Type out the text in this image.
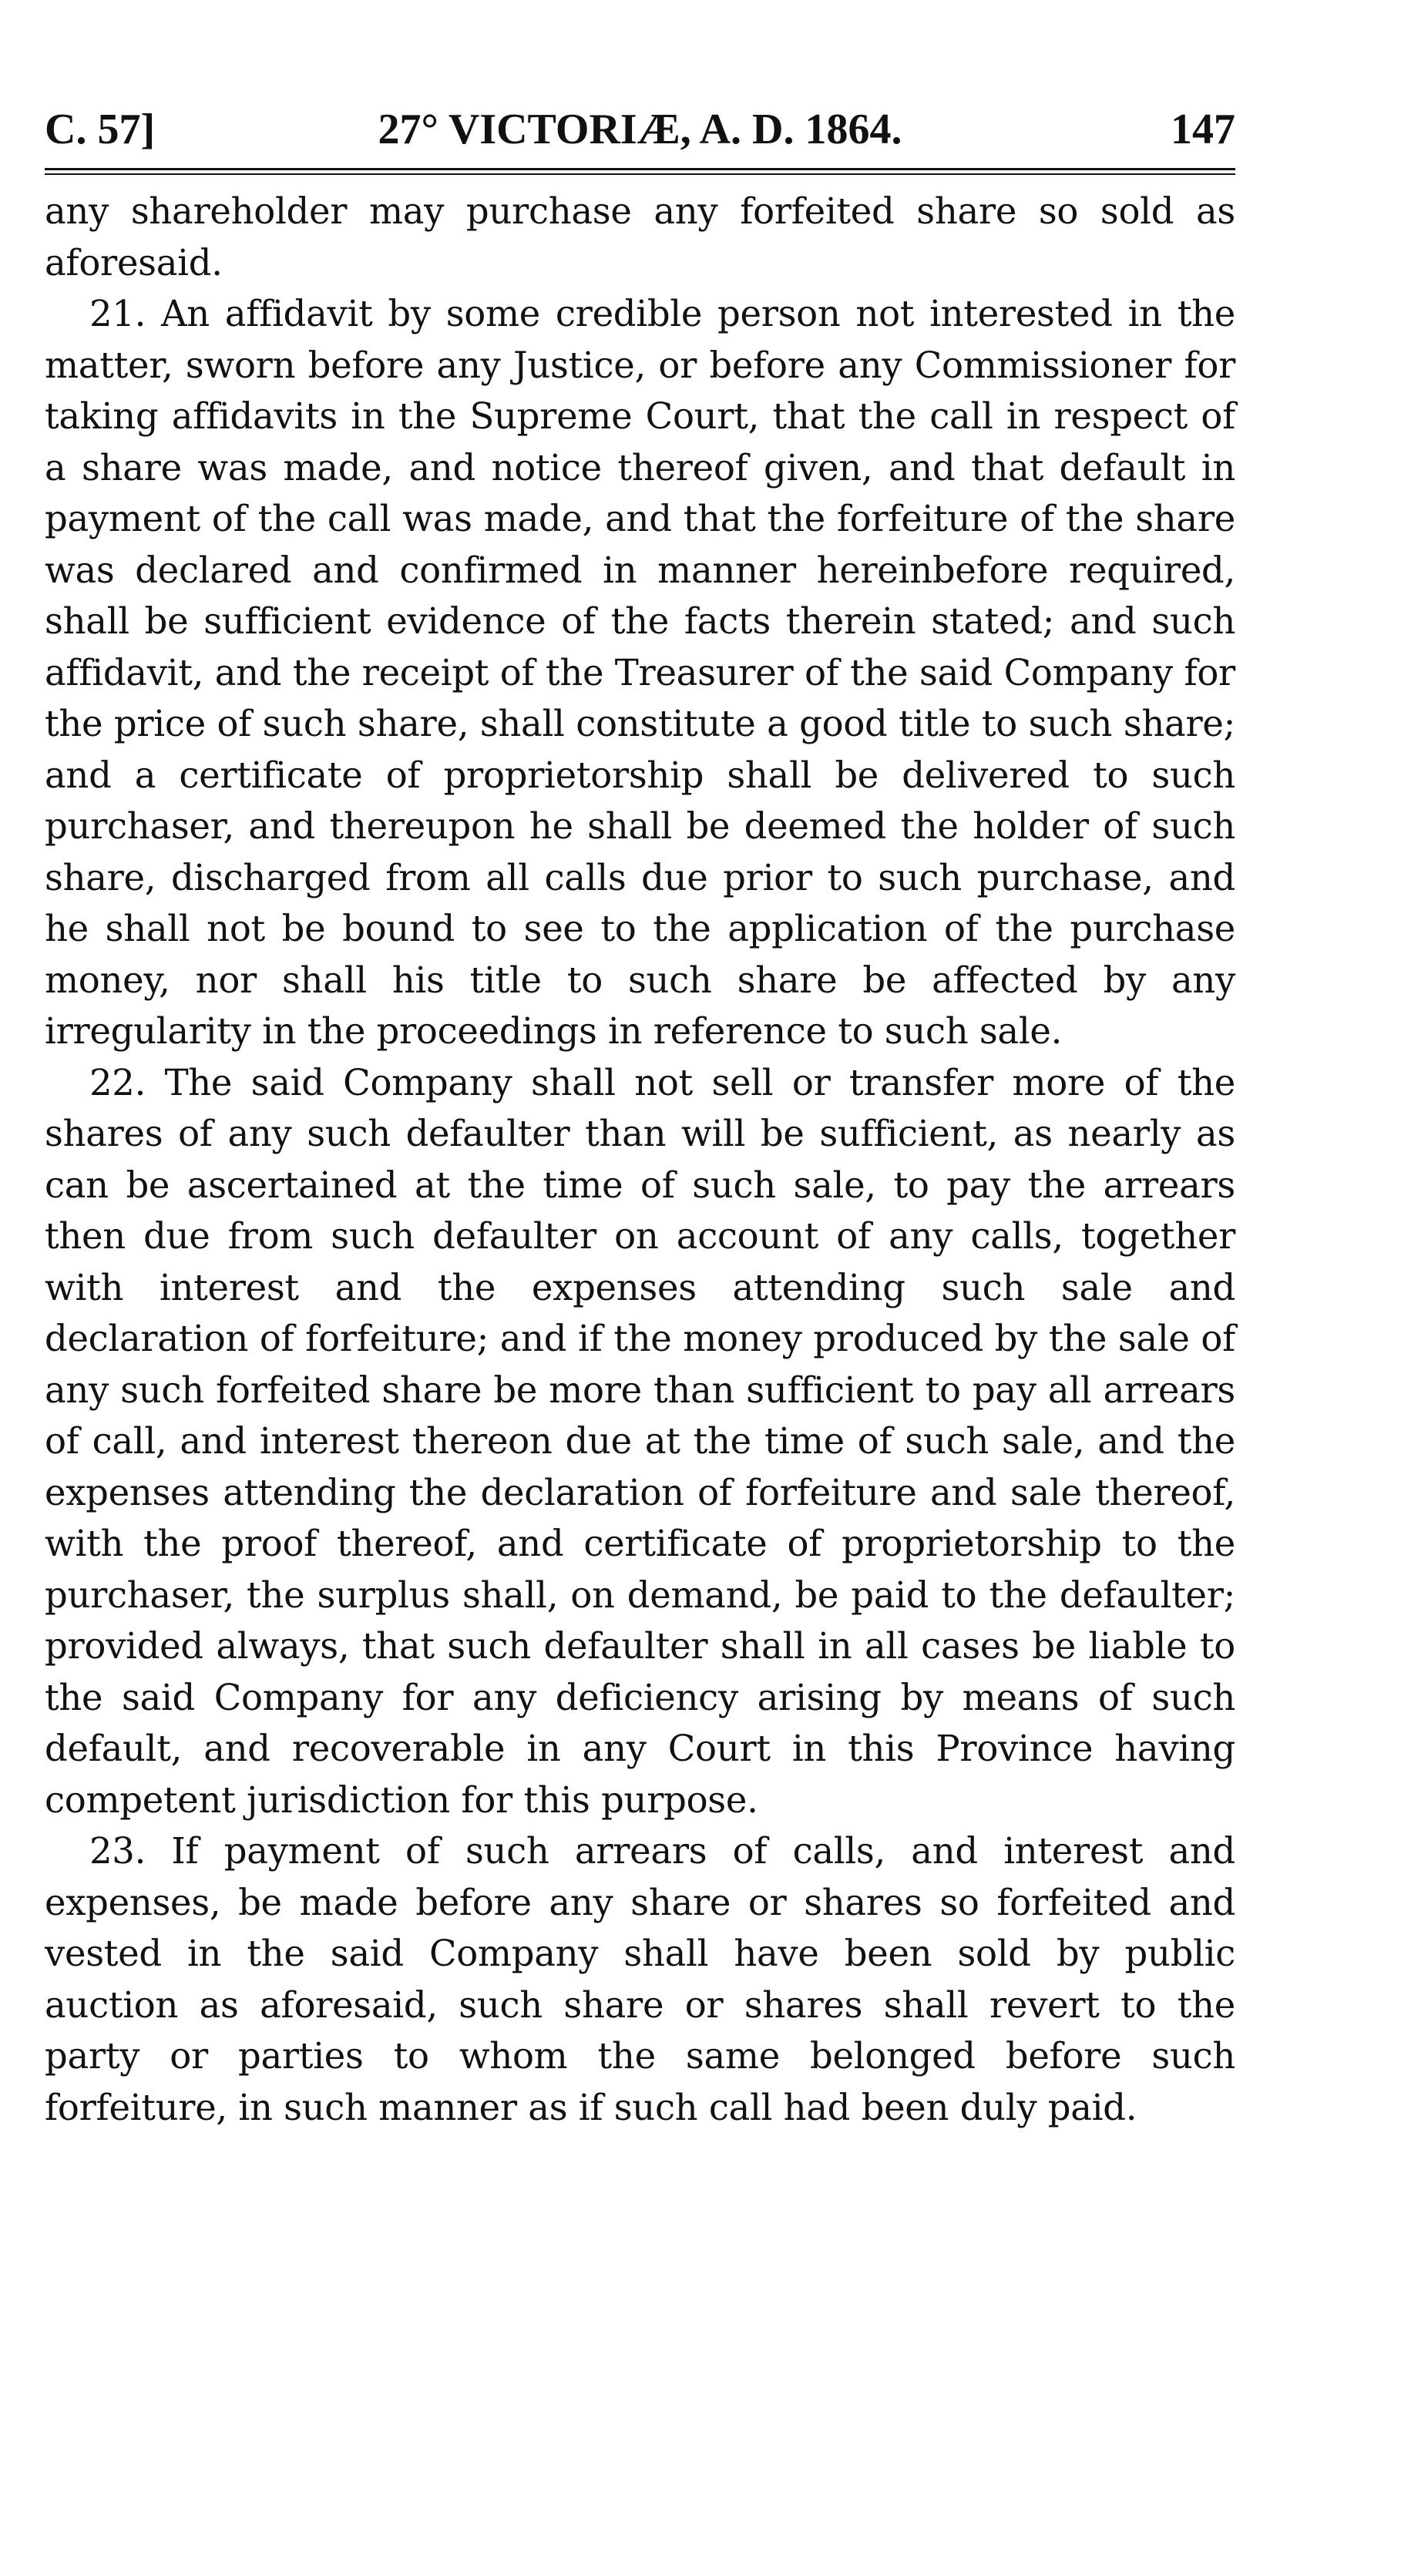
C. 57]	27° VICTORIÆ, A. D. 1864.	147

any shareholder may purchase any forfeited share so sold as aforesaid.

21. An affidavit by some credible person not interested in the matter, sworn before any Justice, or before any Commissioner for taking affidavits in the Supreme Court, that the call in respect of a share was made, and notice thereof given, and that default in payment of the call was made, and that the forfeiture of the share was declared and confirmed in manner hereinbefore required, shall be sufficient evidence of the facts therein stated; and such affidavit, and the receipt of the Treasurer of the said Company for the price of such share, shall constitute a good title to such share; and a certificate of proprietorship shall be delivered to such purchaser, and thereupon he shall be deemed the holder of such share, discharged from all calls due prior to such purchase, and he shall not be bound to see to the application of the purchase money, nor shall his title to such share be affected by any irregularity in the proceedings in reference to such sale.

22. The said Company shall not sell or transfer more of the shares of any such defaulter than will be sufficient, as nearly as can be ascertained at the time of such sale, to pay the arrears then due from such defaulter on account of any calls, together with interest and the expenses attending such sale and declaration of forfeiture; and if the money produced by the sale of any such forfeited share be more than sufficient to pay all arrears of call, and interest thereon due at the time of such sale, and the expenses attending the declaration of forfeiture and sale thereof, with the proof thereof, and certificate of proprietorship to the purchaser, the surplus shall, on demand, be paid to the defaulter; provided always, that such defaulter shall in all cases be liable to the said Company for any deficiency arising by means of such default, and recoverable in any Court in this Province having competent jurisdiction for this purpose.

23. If payment of such arrears of calls, and interest and expenses, be made before any share or shares so forfeited and vested in the said Company shall have been sold by public auction as aforesaid, such share or shares shall revert to the party or parties to whom the same belonged before such forfeiture, in such manner as if such call had been duly paid.
